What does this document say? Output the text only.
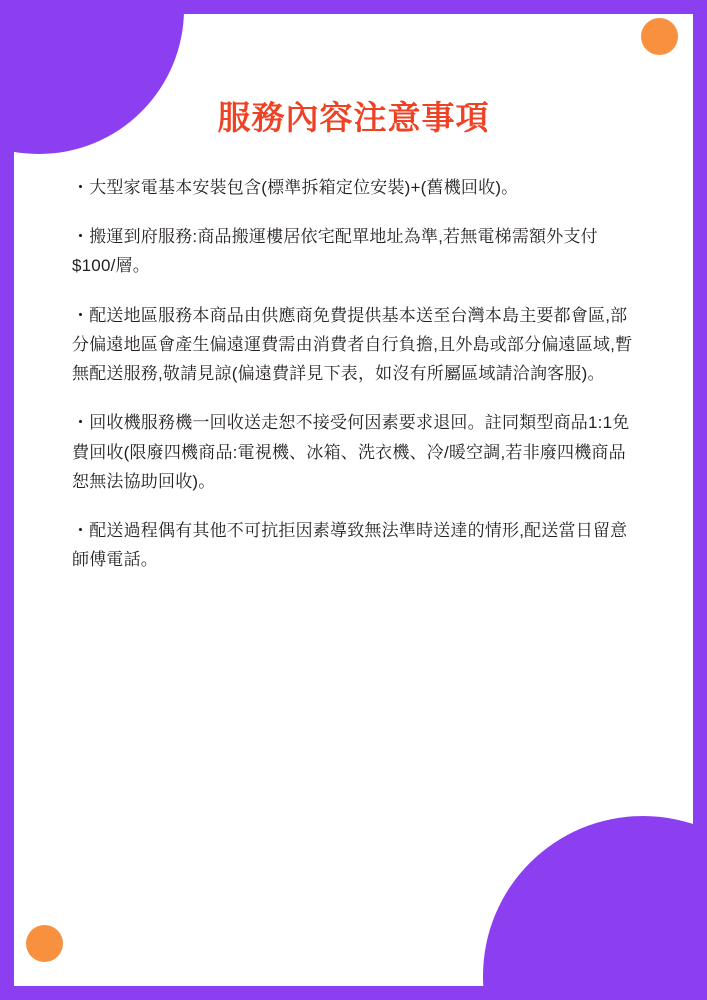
服務內容注意事項
・大型家電基本安裝包含(標準拆箱定位安裝)+(舊機回收)。
・搬運到府服務:商品搬運樓居依宅配單地址為準,若無電梯需額外支付$100/層。
・配送地區服務本商品由供應商免費提供基本送至台灣本島主要都會區,部分偏遠地區會產生偏遠運費需由消費者自行負擔,且外島或部分偏遠區域,暫無配送服務,敬請見諒(偏遠費詳見下表，如沒有所屬區域請洽詢客服)。
・回收機服務機一回收送走恕不接受何因素要求退回。註同類型商品1:1免費回收(限廢四機商品:電視機、冰箱、洗衣機、冷/暖空調,若非廢四機商品恕無法協助回收)。
・配送過程偶有其他不可抗拒因素導致無法準時送達的情形,配送當日留意師傅電話。
